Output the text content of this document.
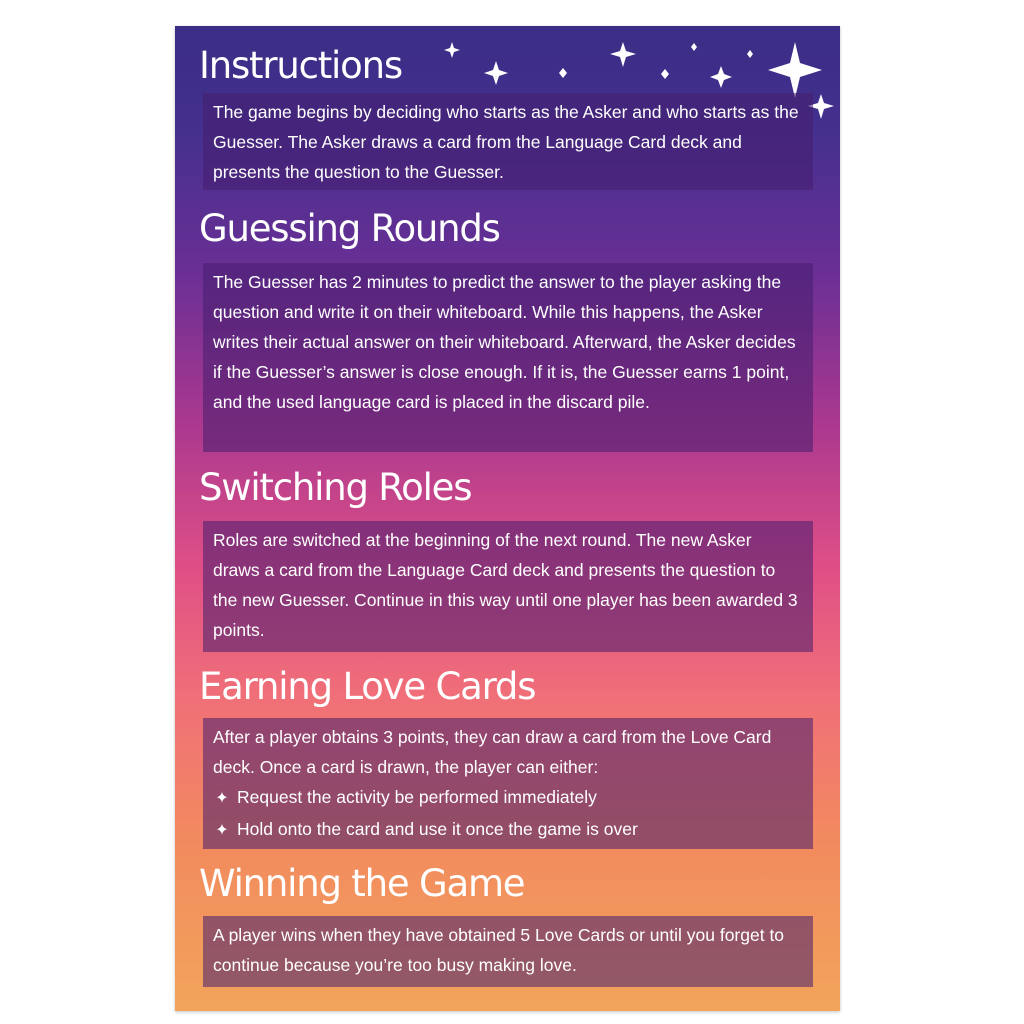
Instructions

The game begins by deciding who starts as the Asker and who starts as the Guesser. The Asker draws a card from the Language Card deck and presents the question to the Guesser.

Guessing Rounds

The Guesser has 2 minutes to predict the answer to the player asking the question and write it on their whiteboard. While this happens, the Asker writes their actual answer on their whiteboard. Afterward, the Asker decides if the Guesser’s answer is close enough. If it is, the Guesser earns 1 point, and the used language card is placed in the discard pile.

Switching Roles

Roles are switched at the beginning of the next round. The new Asker draws a card from the Language Card deck and presents the question to the new Guesser. Continue in this way until one player has been awarded 3 points.

Earning Love Cards

After a player obtains 3 points, they can draw a card from the Love Card deck. Once a card is drawn, the player can either:

✦ Request the activity be performed immediately
✦ Hold onto the card and use it once the game is over
Winning the Game

A player wins when they have obtained 5 Love Cards or until you forget to continue because you’re too busy making love.
